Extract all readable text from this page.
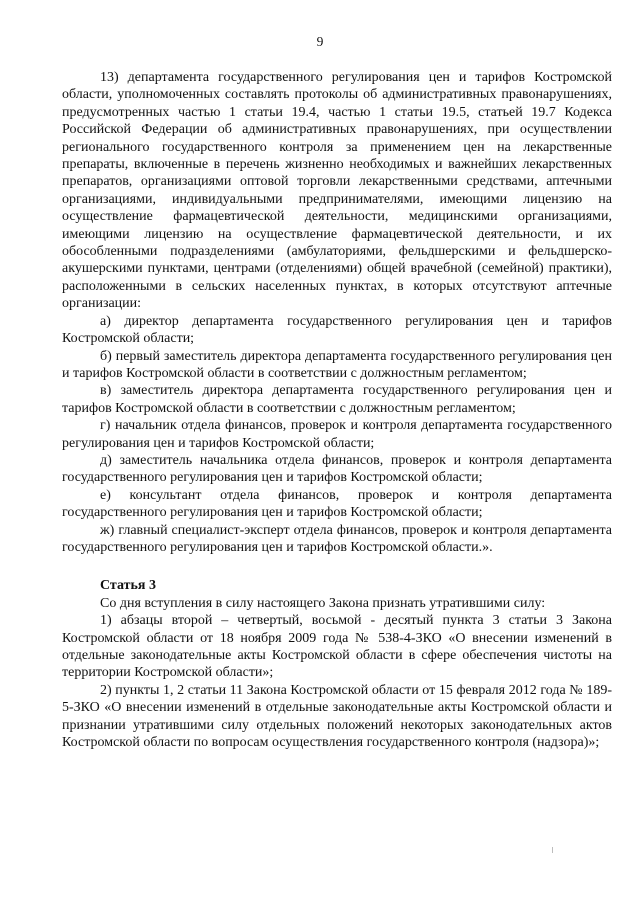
9

13) департамента государственного регулирования цен и тарифов Костромской области, уполномоченных составлять протоколы об административных правонарушениях, предусмотренных частью 1 статьи 19.4, частью 1 статьи 19.5, статьей 19.7 Кодекса Российской Федерации об административных правонарушениях, при осуществлении регионального государственного контроля за применением цен на лекарственные препараты, включенные в перечень жизненно необходимых и важнейших лекарственных препаратов, организациями оптовой торговли лекарственными средствами, аптечными организациями, индивидуальными предпринимателями, имеющими лицензию на осуществление фармацевтической деятельности, медицинскими организациями, имеющими лицензию на осуществление фармацевтической деятельности, и их обособленными подразделениями (амбулаториями, фельдшерскими и фельдшерско-акушерскими пунктами, центрами (отделениями) общей врачебной (семейной) практики), расположенными в сельских населенных пунктах, в которых отсутствуют аптечные организации:

а) директор департамента государственного регулирования цен и тарифов Костромской области;

б) первый заместитель директора департамента государственного регулирования цен и тарифов Костромской области в соответствии с должностным регламентом;

в) заместитель директора департамента государственного регулирования цен и тарифов Костромской области в соответствии с должностным регламентом;

г) начальник отдела финансов, проверок и контроля департамента государственного регулирования цен и тарифов Костромской области;

д) заместитель начальника отдела финансов, проверок и контроля департамента государственного регулирования цен и тарифов Костромской области;

е) консультант отдела финансов, проверок и контроля департамента государственного регулирования цен и тарифов Костромской области;

ж) главный специалист-эксперт отдела финансов, проверок и контроля департамента государственного регулирования цен и тарифов Костромской области.».

Статья 3

Со дня вступления в силу настоящего Закона признать утратившими силу:

1) абзацы второй – четвертый, восьмой - десятый пункта 3 статьи 3 Закона Костромской области от 18 ноября 2009 года № 538-4-ЗКО «О внесении изменений в отдельные законодательные акты Костромской области в сфере обеспечения чистоты на территории Костромской области»;

2) пункты 1, 2 статьи 11 Закона Костромской области от 15 февраля 2012 года № 189-5-ЗКО «О внесении изменений в отдельные законодательные акты Костромской области и признании утратившими силу отдельных положений некоторых законодательных актов Костромской области по вопросам осуществления государственного контроля (надзора)»;
